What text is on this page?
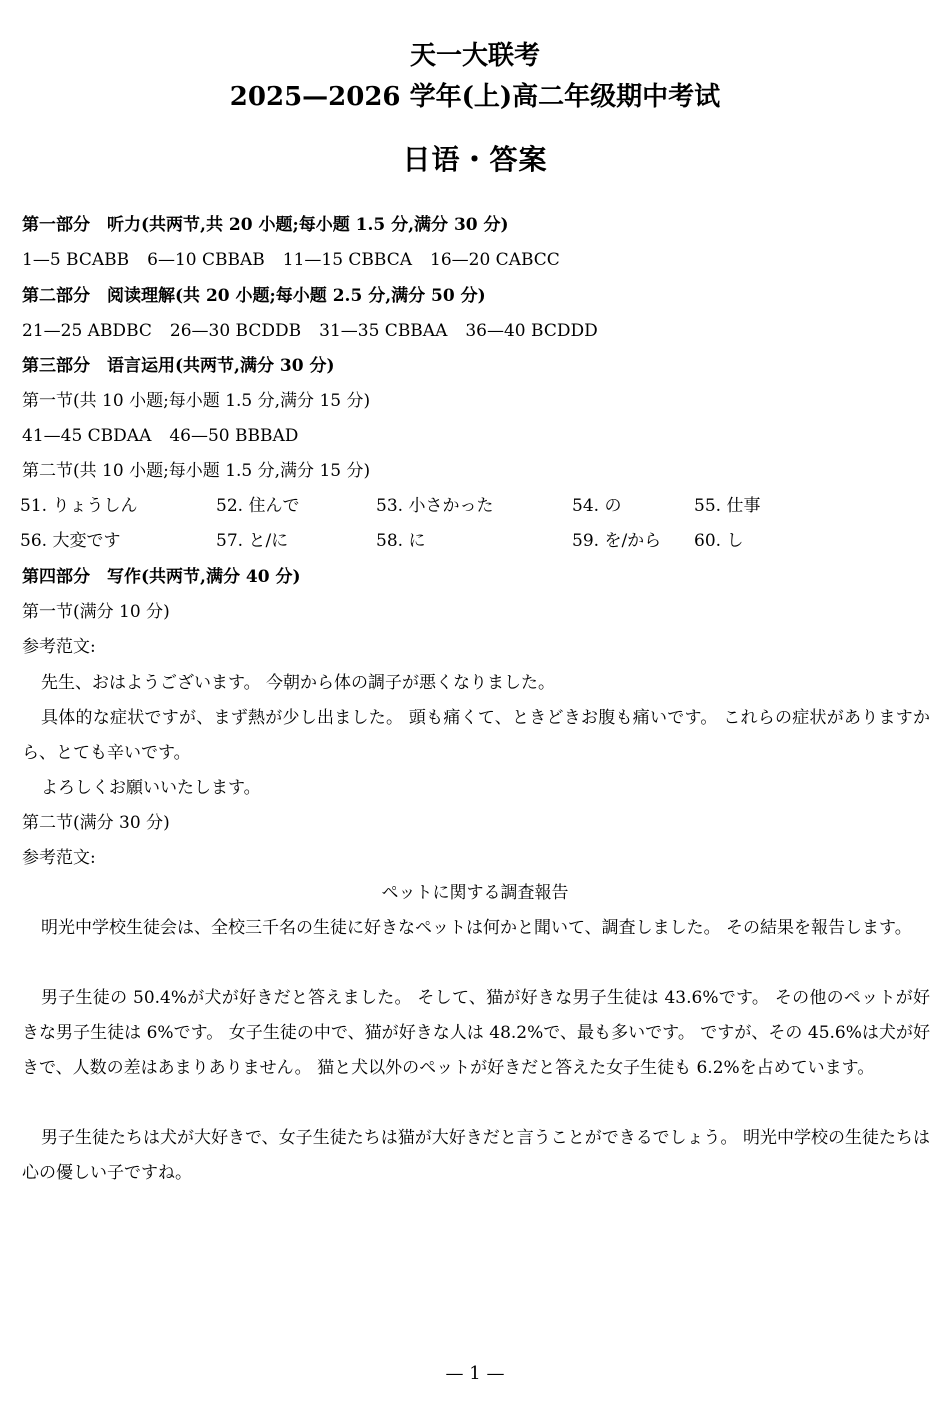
天一大联考
2025—2026 学年(上)高二年级期中考试
日语・答案
第一部分　听力(共两节,共 20 小题;每小题 1.5 分,满分 30 分)
1—5 BCABB 6—10 CBBAB 11—15 CBBCA 16—20 CABCC
第二部分　阅读理解(共 20 小题;每小题 2.5 分,满分 50 分)
21—25 ABDBC 26—30 BCDDB 31—35 CBBAA 36—40 BCDDD
第三部分　语言运用(共两节,满分 30 分)
第一节(共 10 小题;每小题 1.5 分,满分 15 分)
41—45 CBDAA 46—50 BBBAD
第二节(共 10 小题;每小题 1.5 分,满分 15 分)
51. りょうしん	52. 住んで	53. 小さかった	54. の	55. 仕事
56. 大変です	57. と/に	58. に	59. を/から 60. し
第四部分　写作(共两节,满分 40 分)
第一节(满分 10 分)
参考范文:
先生、おはようございます。 今朝から体の調子が悪くなりました。
具体的な症状ですが、まず熱が少し出ました。 頭も痛くて、ときどきお腹も痛いです。 これらの症状がありますから、とても辛いです。
よろしくお願いいたします。
第二节(满分 30 分)
参考范文:
ペットに関する調査報告
明光中学校生徒会は、全校三千名の生徒に好きなペットは何かと聞いて、調査しました。 その結果を報告します。
男子生徒の 50.4%が犬が好きだと答えました。 そして、猫が好きな男子生徒は 43.6%です。 その他のペットが好きな男子生徒は 6%です。 女子生徒の中で、猫が好きな人は 48.2%で、最も多いです。 ですが、その 45.6%は犬が好きで、人数の差はあまりありません。 猫と犬以外のペットが好きだと答えた女子生徒も 6.2%を占めています。
男子生徒たちは犬が大好きで、女子生徒たちは猫が大好きだと言うことができるでしょう。 明光中学校の生徒たちは心の優しい子ですね。
— 1 —
